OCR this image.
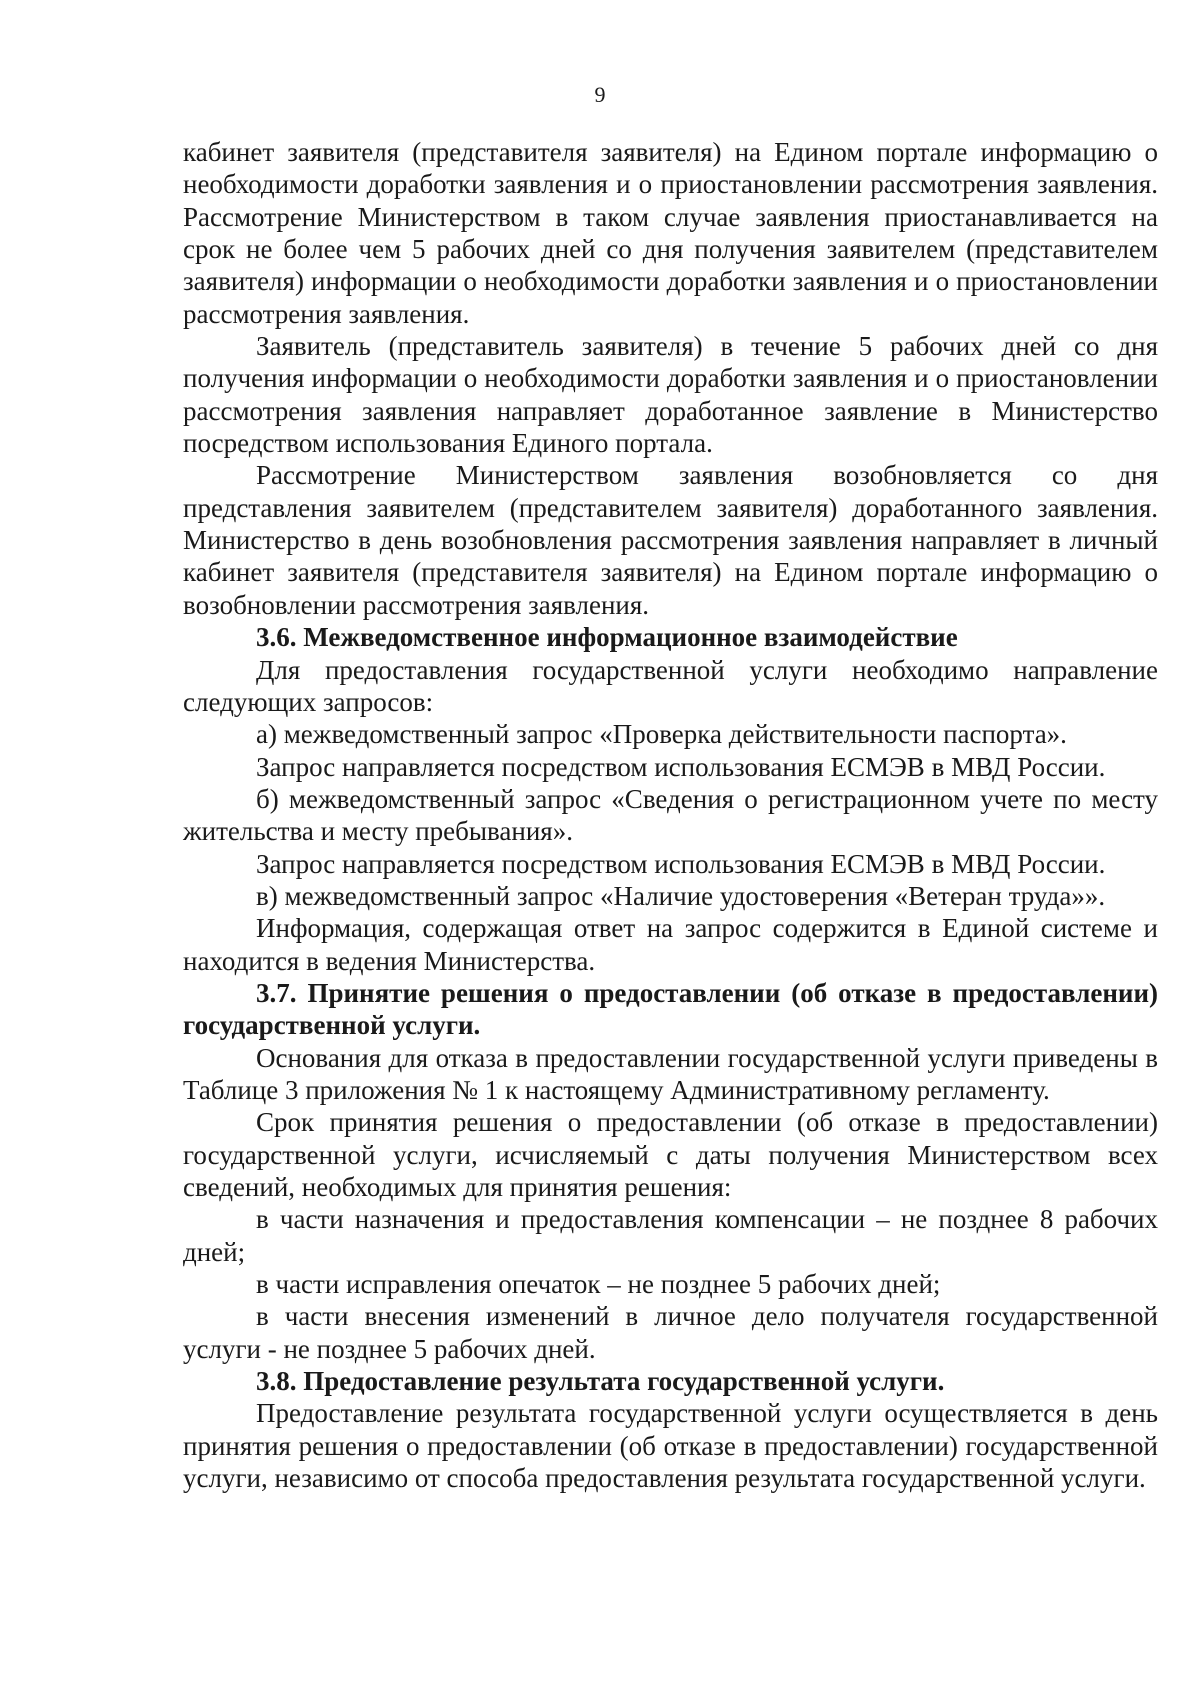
9

кабинет заявителя (представителя заявителя) на Едином портале информацию о необходимости доработки заявления и о приостановлении рассмотрения заявления. Рассмотрение Министерством в таком случае заявления приостанавливается на срок не более чем 5 рабочих дней со дня получения заявителем (представителем заявителя) информации о необходимости доработки заявления и о приостановлении рассмотрения заявления.

Заявитель (представитель заявителя) в течение 5 рабочих дней со дня получения информации о необходимости доработки заявления и о приостановлении рассмотрения заявления направляет доработанное заявление в Министерство посредством использования Единого портала.

Рассмотрение Министерством заявления возобновляется со дня представления заявителем (представителем заявителя) доработанного заявления. Министерство в день возобновления рассмотрения заявления направляет в личный кабинет заявителя (представителя заявителя) на Едином портале информацию о возобновлении рассмотрения заявления.

3.6. Межведомственное информационное взаимодействие

Для предоставления государственной услуги необходимо направление следующих запросов:

а) межведомственный запрос «Проверка действительности паспорта».

Запрос направляется посредством использования ЕСМЭВ в МВД России.

б) межведомственный запрос «Сведения о регистрационном учете по месту жительства и месту пребывания».

Запрос направляется посредством использования ЕСМЭВ в МВД России.

в) межведомственный запрос «Наличие удостоверения «Ветеран труда»».

Информация, содержащая ответ на запрос содержится в Единой системе и находится в ведения Министерства.

3.7. Принятие решения о предоставлении (об отказе в предоставлении) государственной услуги.

Основания для отказа в предоставлении государственной услуги приведены в Таблице 3 приложения № 1 к настоящему Административному регламенту.

Срок принятия решения о предоставлении (об отказе в предоставлении) государственной услуги, исчисляемый с даты получения Министерством всех сведений, необходимых для принятия решения:

в части назначения и предоставления компенсации – не позднее 8 рабочих дней;

в части исправления опечаток – не позднее 5 рабочих дней;

в части внесения изменений в личное дело получателя государственной услуги - не позднее 5 рабочих дней.

3.8. Предоставление результата государственной услуги.

Предоставление результата государственной услуги осуществляется в день принятия решения о предоставлении (об отказе в предоставлении) государственной услуги, независимо от способа предоставления результата государственной услуги.
